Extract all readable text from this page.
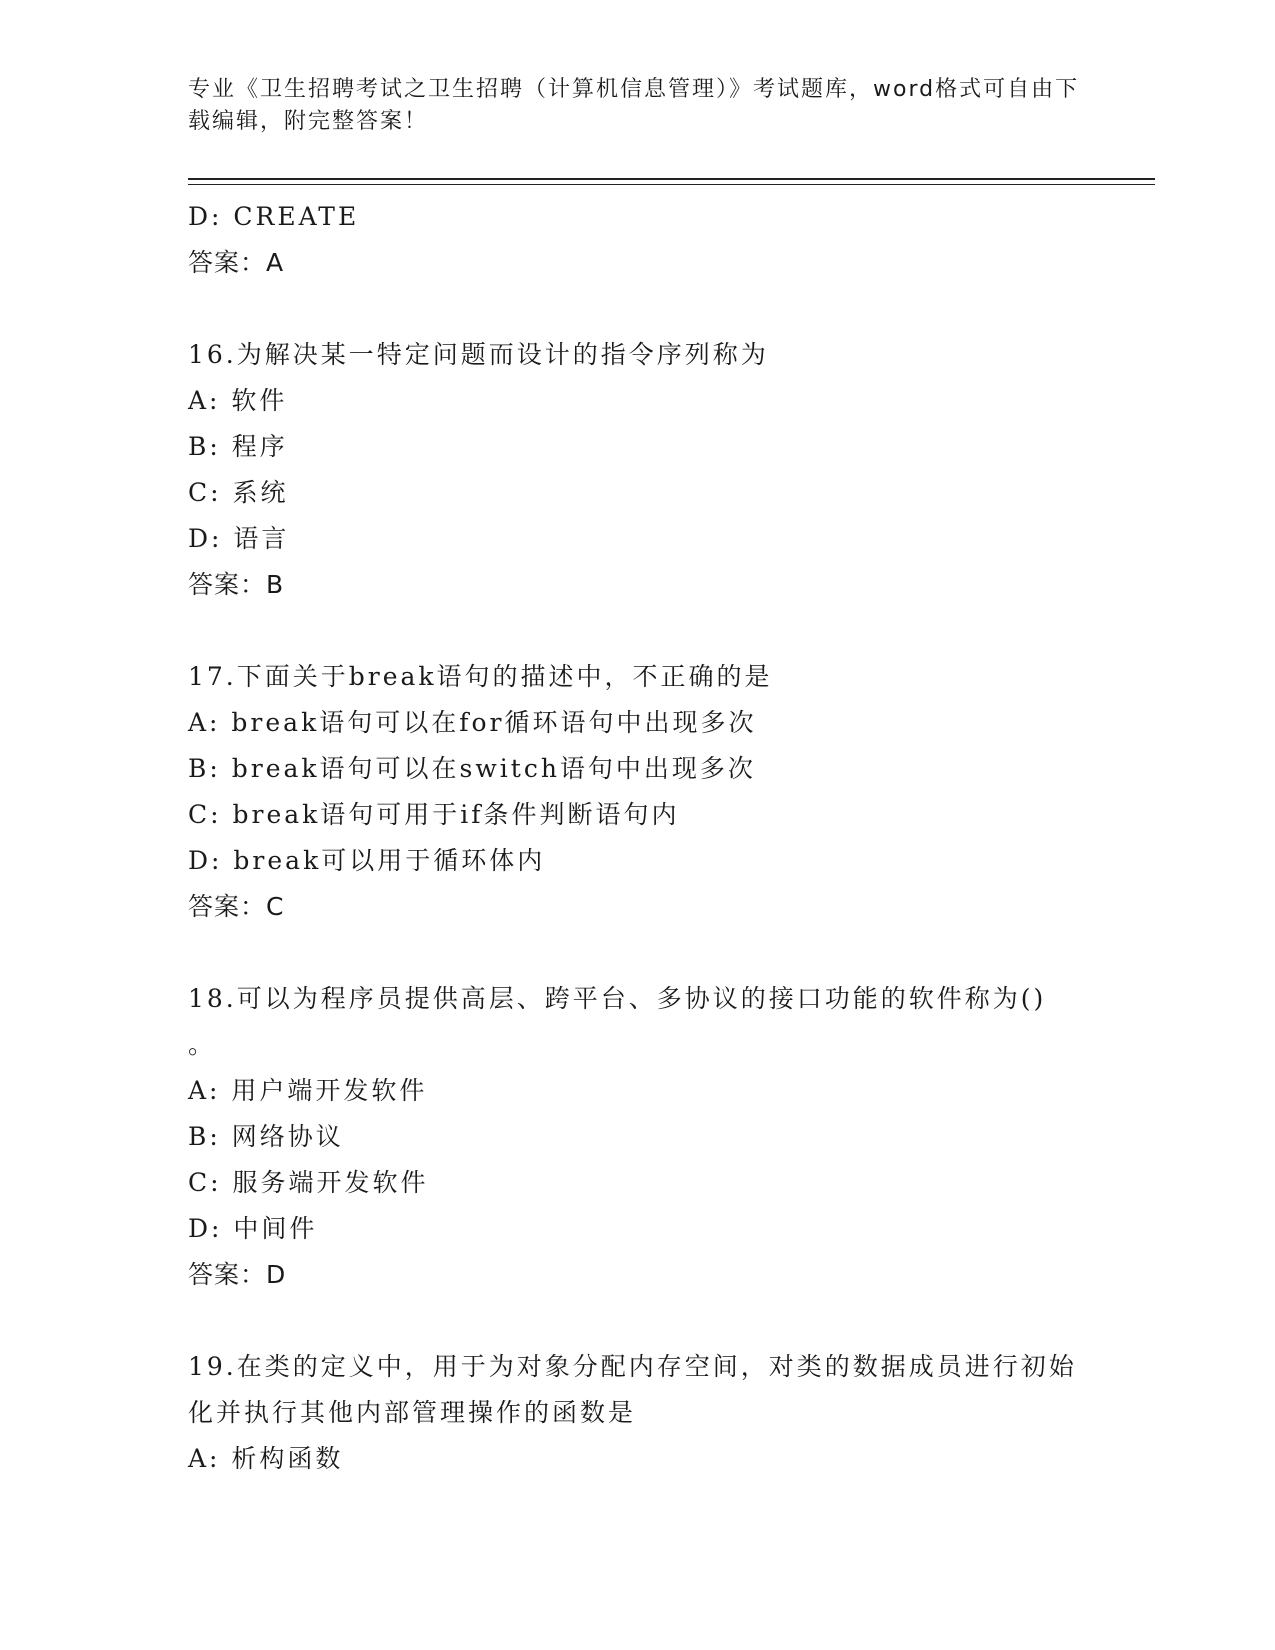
专业《卫生招聘考试之卫生招聘（计算机信息管理）》考试题库，word格式可自由下载编辑，附完整答案！
D: CREATE
答案：A
16.为解决某一特定问题而设计的指令序列称为
A: 软件
B: 程序
C: 系统
D: 语言
答案：B
17.下面关于break语句的描述中，不正确的是
A: break语句可以在for循环语句中出现多次
B: break语句可以在switch语句中出现多次
C: break语句可用于if条件判断语句内
D: break可以用于循环体内
答案：C
18.可以为程序员提供高层、跨平台、多协议的接口功能的软件称为()
。
A: 用户端开发软件
B: 网络协议
C: 服务端开发软件
D: 中间件
答案：D
19.在类的定义中，用于为对象分配内存空间，对类的数据成员进行初始化并执行其他内部管理操作的函数是
A: 析构函数
